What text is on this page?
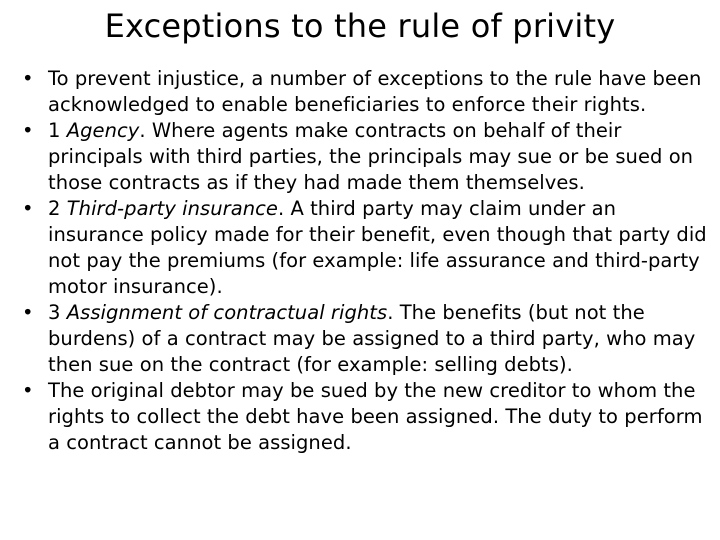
Exceptions to the rule of privity
• To prevent injustice, a number of exceptions to the rule have been acknowledged to enable beneficiaries to enforce their rights.
• 1 Agency. Where agents make contracts on behalf of their principals with third parties, the principals may sue or be sued on those contracts as if they had made them themselves.
• 2 Third-party insurance. A third party may claim under an insurance policy made for their benefit, even though that party did not pay the premiums (for example: life assurance and third-party motor insurance).
• 3 Assignment of contractual rights. The benefits (but not the burdens) of a contract may be assigned to a third party, who may then sue on the contract (for example: selling debts).
• The original debtor may be sued by the new creditor to whom the rights to collect the debt have been assigned. The duty to perform a contract cannot be assigned.
